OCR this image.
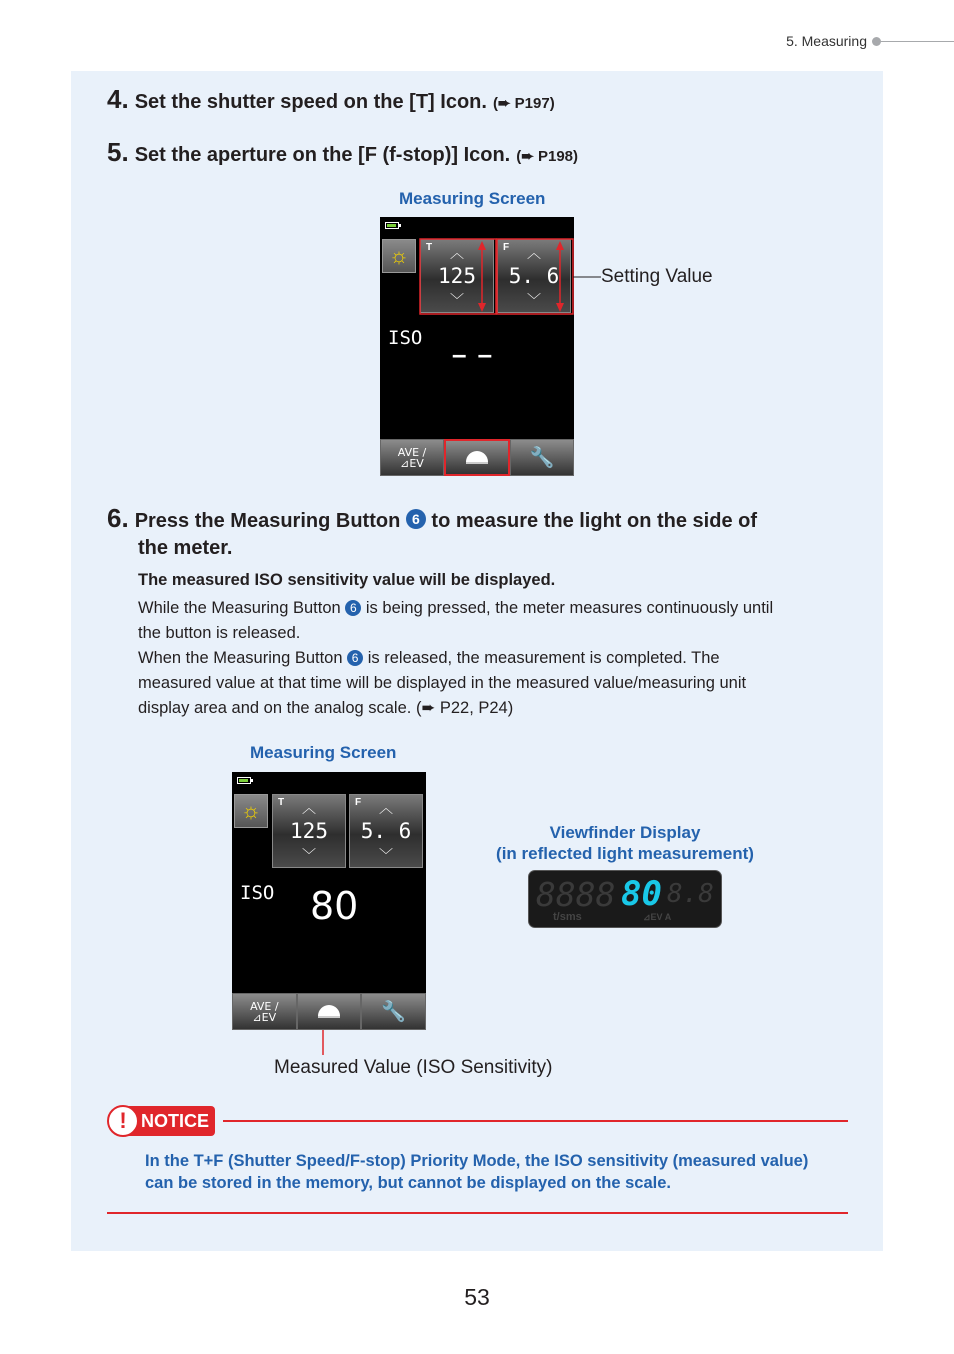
5. Measuring
4. Set the shutter speed on the [T] Icon. (➨ P197)
5. Set the aperture on the [F (f-stop)] Icon. (➨ P198)
Measuring Screen
☼	T	︿
125
﹀
F	︿
5. 6
﹀
ISO
– –
AVE /
⊿EV	🔧
Setting Value
6. Press the Measuring Button 6 to measure the light on the side of
the meter.
The measured ISO sensitivity value will be displayed.
While the Measuring Button 6 is being pressed, the meter measures continuously until
the button is released.
When the Measuring Button 6 is released, the measurement is completed. The
measured value at that time will be displayed in the measured value/measuring unit
display area and on the analog scale. (➨ P22, P24)
Measuring Screen
☼	T	︿
125
﹀
F	︿
5. 6
﹀
ISO 80
AVE /
⊿EV	🔧
Measured Value (ISO Sensitivity)
Viewfinder Display
(in reflected light measurement)
8888 80 8.8
t/sms	⊿EV A
! NOTICE
In the T+F (Shutter Speed/F-stop) Priority Mode, the ISO sensitivity (measured value) can be stored in the memory, but cannot be displayed on the scale.
53
